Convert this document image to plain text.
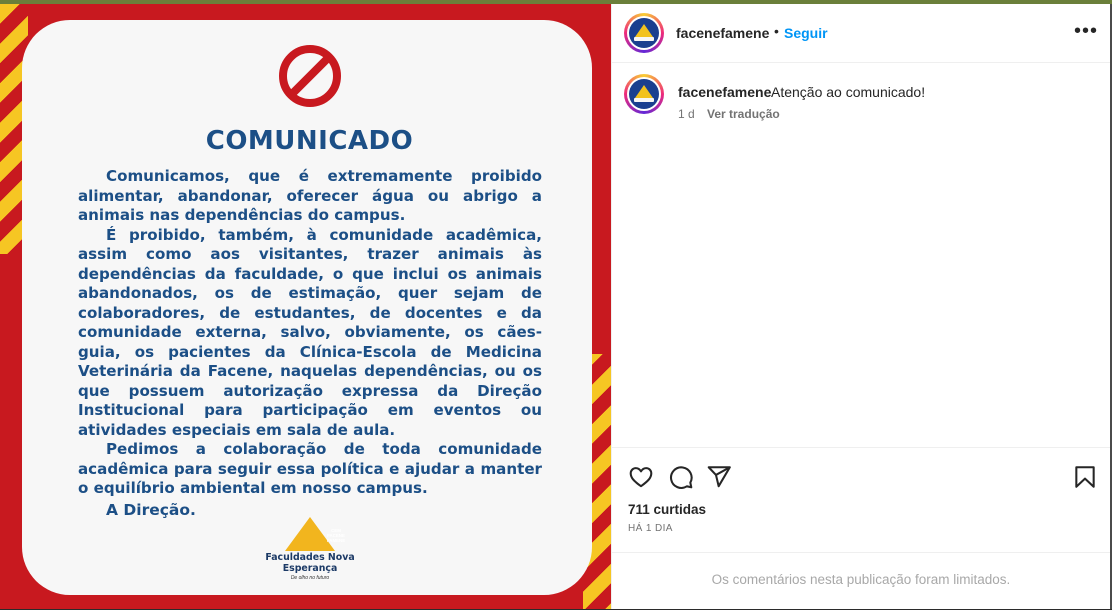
COMUNICADO

Comunicamos, que é extremamente proibido alimentar, abandonar, oferecer água ou abrigo a animais nas dependências do campus.

É proibido, também, à comunidade acadêmica, assim como aos visitantes, trazer animais às dependências da faculdade, o que inclui os animais abandonados, os de estimação, quer sejam de colaboradores, de estudantes, de docentes e da comunidade externa, salvo, obviamente, os cães-guia, os pacientes da Clínica-Escola de Medicina Veterinária da Facene, naquelas dependências, ou os que possuem autorização expressa da Direção Institucional para participação em eventos ou atividades especiais em sala de aula.

Pedimos a colaboração de toda comunidade acadêmica para seguir essa política e ajudar a manter o equilíbrio ambiental em nosso campus.

A Direção.
CEM FACENE FAMENE
Faculdades Nova
Esperança
De olho no futuro
facenefamene • Seguir	•••
facenefamene Atenção ao comunicado!
1 d Ver tradução
711 curtidas
HÁ 1 DIA
Os comentários nesta publicação foram limitados.
